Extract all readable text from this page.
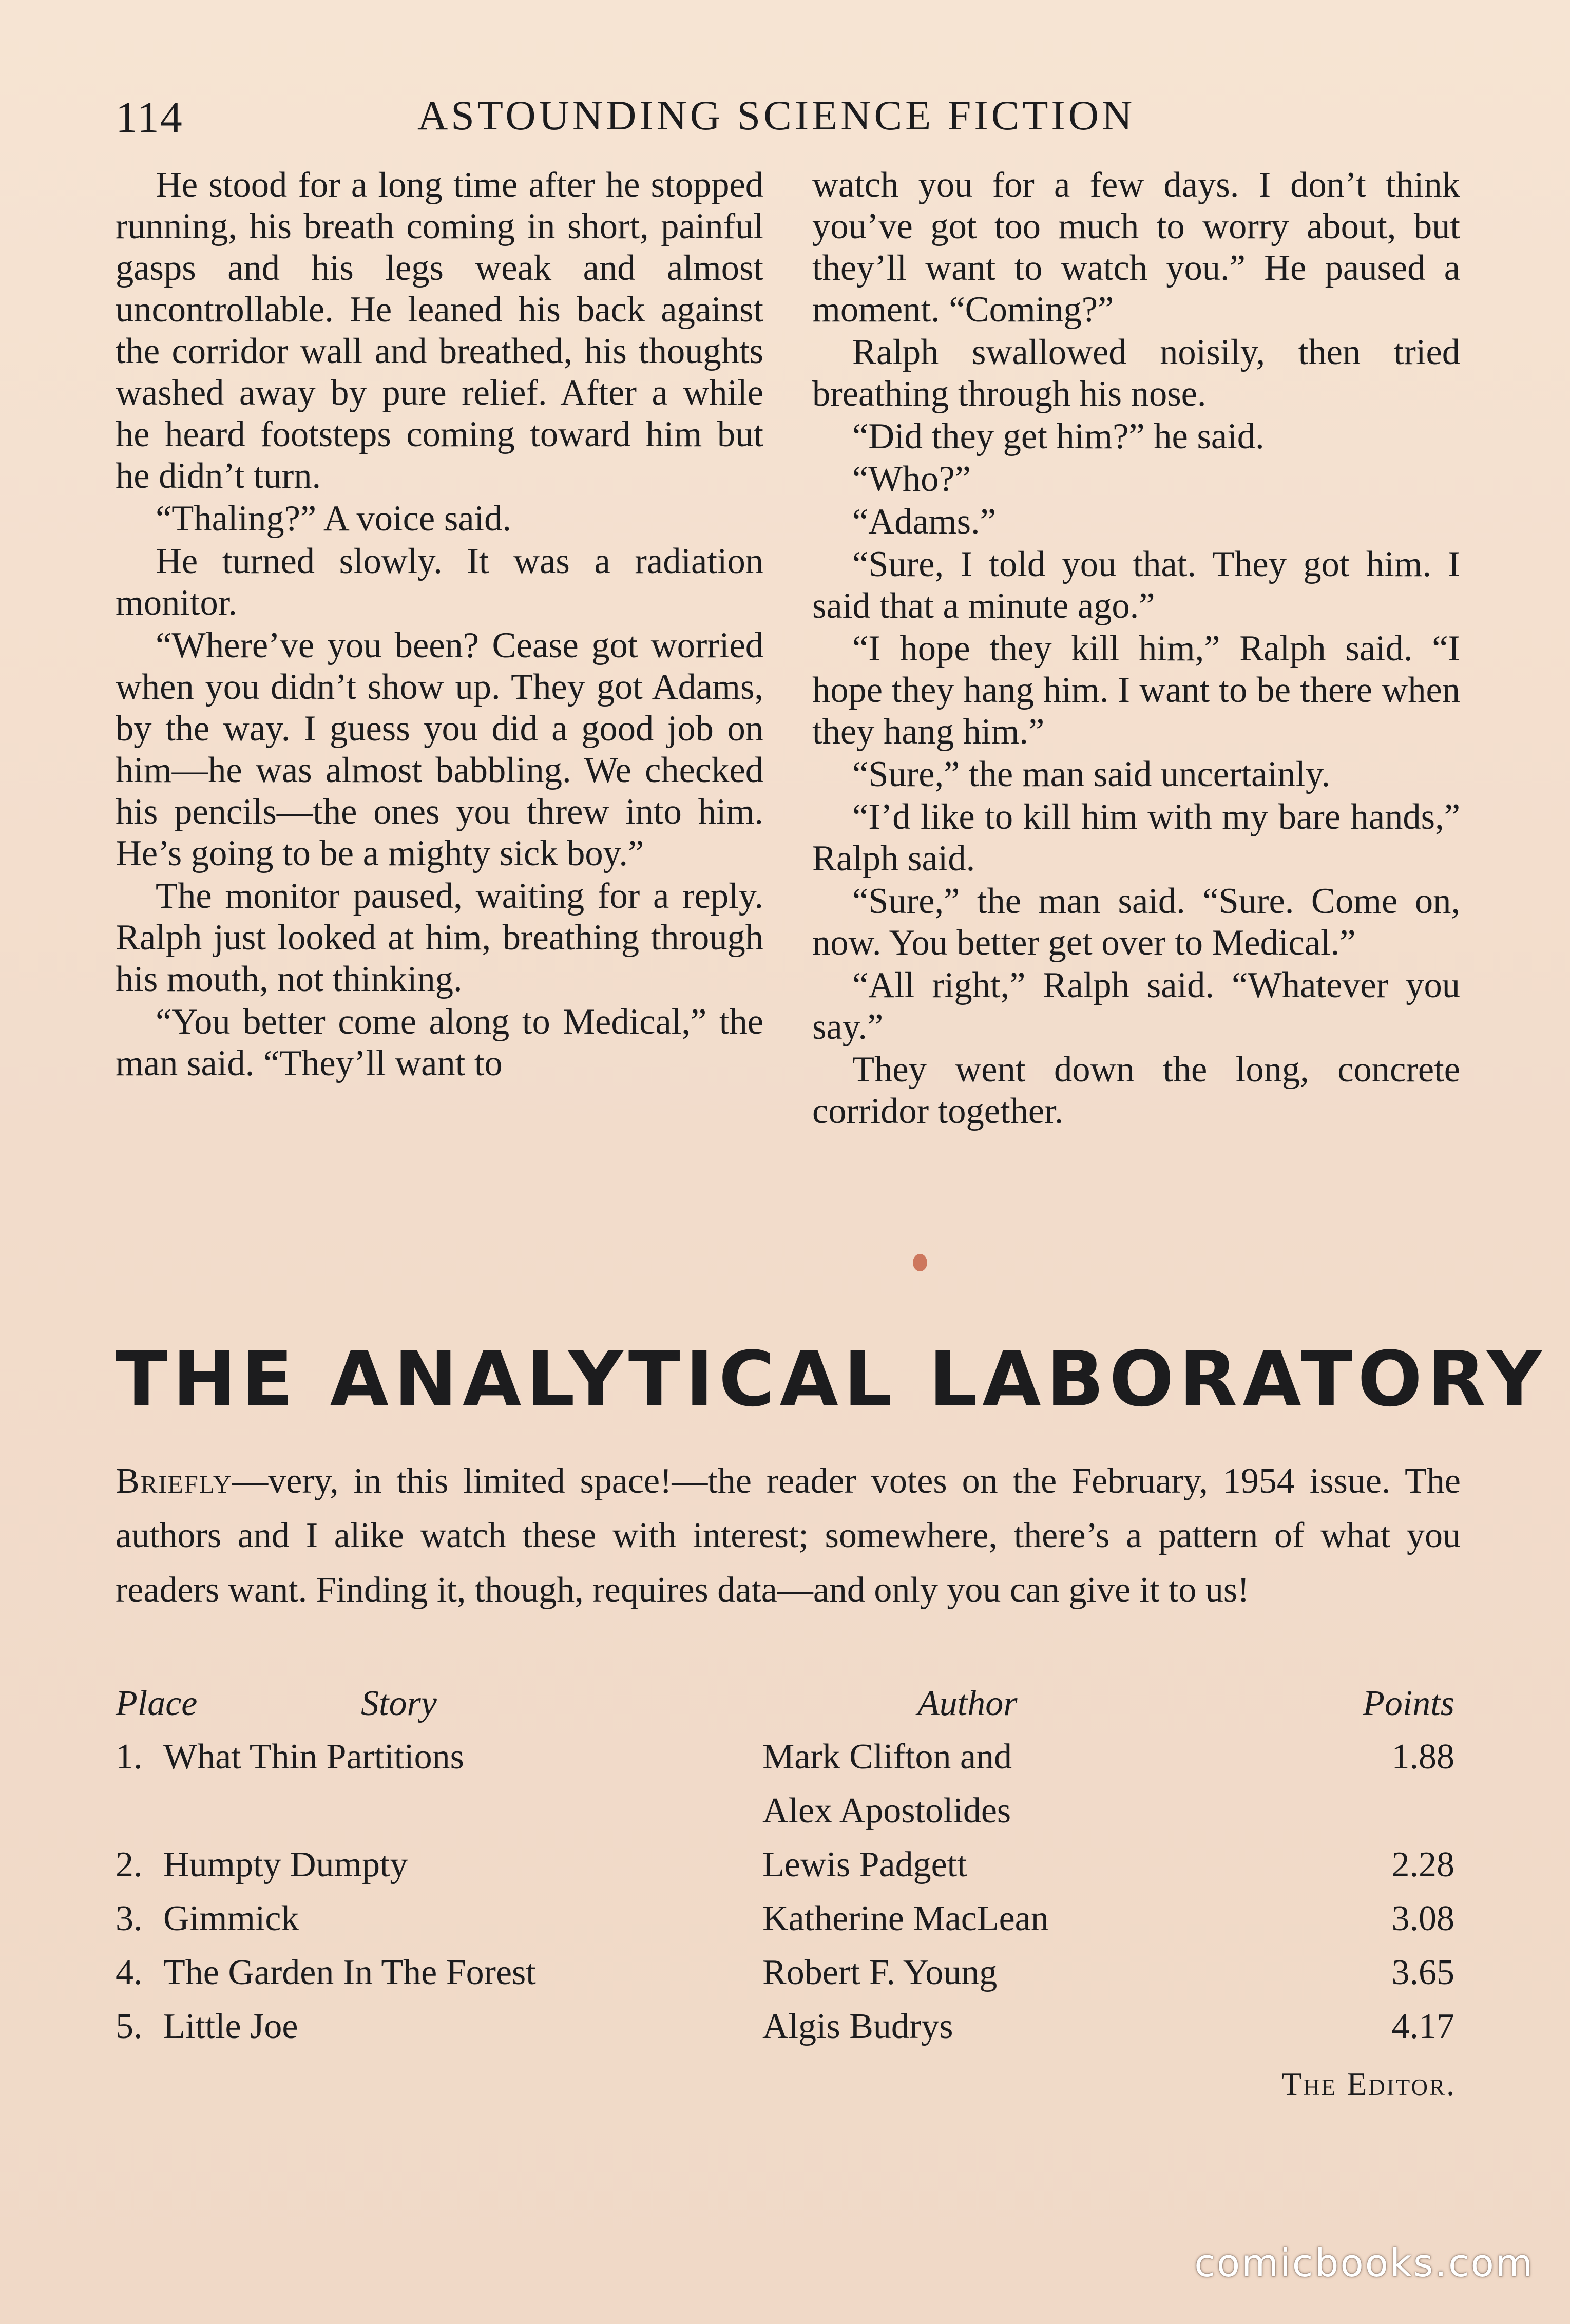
114	ASTOUNDING SCIENCE FICTION

He stood for a long time after he stopped running, his breath coming in short, painful gasps and his legs weak and almost uncontrollable. He leaned his back against the corridor wall and breathed, his thoughts washed away by pure relief. After a while he heard footsteps coming toward him but he didn’t turn.

“Thaling?” A voice said.

He turned slowly. It was a radiation monitor.

“Where’ve you been? Cease got worried when you didn’t show up. They got Adams, by the way. I guess you did a good job on him—he was almost babbling. We checked his pencils—the ones you threw into him. He’s going to be a mighty sick boy.”

The monitor paused, waiting for a reply. Ralph just looked at him, breathing through his mouth, not thinking.

“You better come along to Medical,” the man said. “They’ll want to

watch you for a few days. I don’t think you’ve got too much to worry about, but they’ll want to watch you.” He paused a moment. “Coming?”

Ralph swallowed noisily, then tried breathing through his nose.

“Did they get him?” he said.

“Who?”

“Adams.”

“Sure, I told you that. They got him. I said that a minute ago.”

“I hope they kill him,” Ralph said. “I hope they hang him. I want to be there when they hang him.”

“Sure,” the man said uncertainly.

“I’d like to kill him with my bare hands,” Ralph said.

“Sure,” the man said. “Sure. Come on, now. You better get over to Medical.”

“All right,” Ralph said. “Whatever you say.”

They went down the long, concrete corridor together.

THE ANALYTICAL LABORATORY
Briefly—very, in this limited space!—the reader votes on the February, 1954 issue. The authors and I alike watch these with interest; somewhere, there’s a pattern of what you readers want. Finding it, though, requires data—and only you can give it to us!
Place	Story	Author	Points
1. What Thin Partitions	Mark Clifton and	1.88
Alex Apostolides
2. Humpty Dumpty	Lewis Padgett	2.28
3. Gimmick	Katherine MacLean	3.08
4. The Garden In The Forest	Robert F. Young	3.65
5. Little Joe	Algis Budrys	4.17
The Editor.
comicbooks.com
